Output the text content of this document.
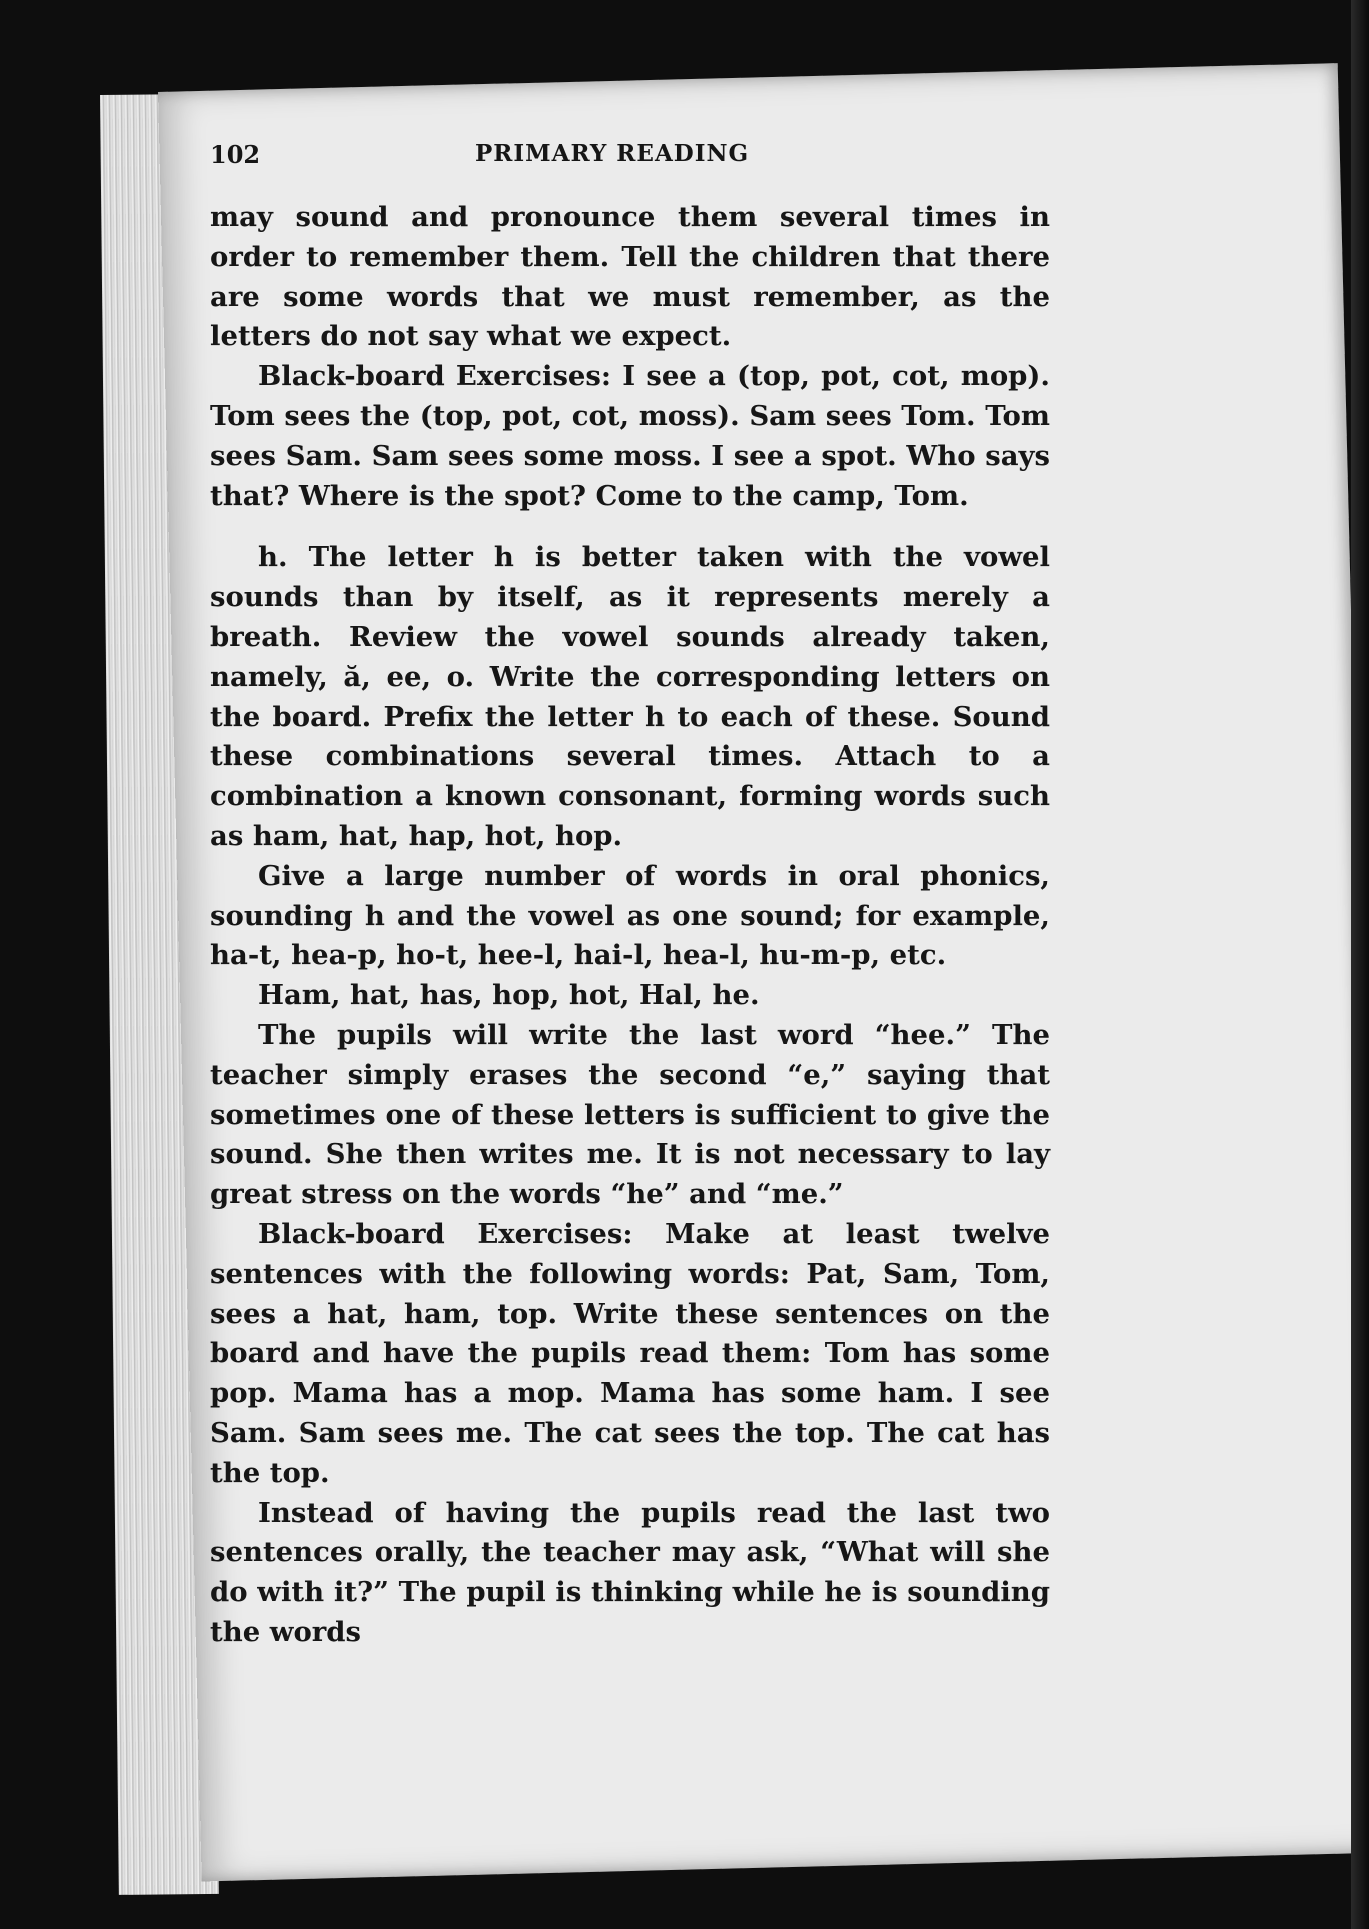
102	PRIMARY READING

may sound and pronounce them several times in order to remember them. Tell the children that there are some words that we must remember, as the letters do not say what we expect.

Black-board Exercises: I see a (top, pot, cot, mop). Tom sees the (top, pot, cot, moss). Sam sees Tom. Tom sees Sam. Sam sees some moss. I see a spot. Who says that? Where is the spot? Come to the camp, Tom.

h. The letter h is better taken with the vowel sounds than by itself, as it represents merely a breath. Review the vowel sounds already taken, namely, ă, ee, o. Write the corresponding letters on the board. Prefix the letter h to each of these. Sound these combinations several times. Attach to a combination a known consonant, forming words such as ham, hat, hap, hot, hop.

Give a large number of words in oral phonics, sounding h and the vowel as one sound; for example, ha-t, hea-p, ho-t, hee-l, hai-l, hea-l, hu-m-p, etc.

Ham, hat, has, hop, hot, Hal, he.

The pupils will write the last word “hee.” The teacher simply erases the second “e,” saying that sometimes one of these letters is sufficient to give the sound. She then writes me. It is not necessary to lay great stress on the words “he” and “me.”

Black-board Exercises: Make at least twelve sentences with the following words: Pat, Sam, Tom, sees a hat, ham, top. Write these sentences on the board and have the pupils read them: Tom has some pop. Mama has a mop. Mama has some ham. I see Sam. Sam sees me. The cat sees the top. The cat has the top.

Instead of having the pupils read the last two sentences orally, the teacher may ask, “What will she do with it?” The pupil is thinking while he is sounding the words
